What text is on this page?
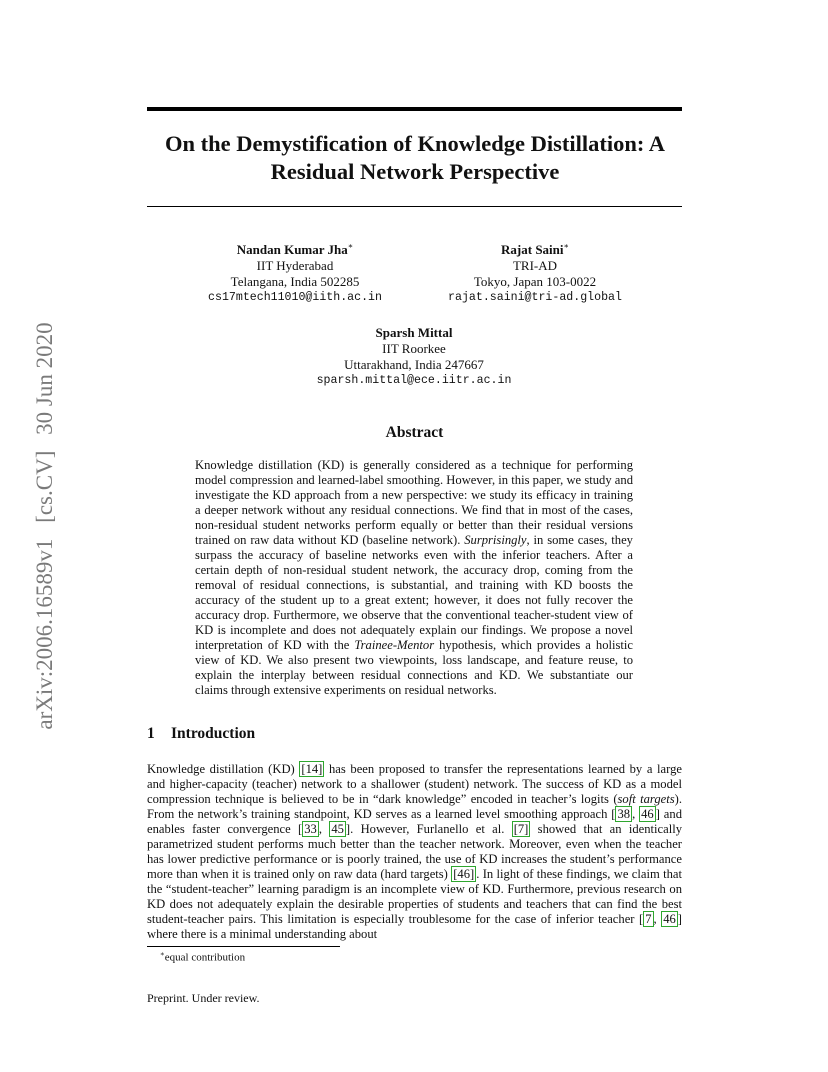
arXiv:2006.16589v1 [cs.CV] 30 Jun 2020
On the Demystification of Knowledge Distillation: A
Residual Network Perspective
Nandan Kumar Jha∗
IIT Hyderabad
Telangana, India 502285
cs17mtech11010@iith.ac.in
Rajat Saini∗
TRI-AD
Tokyo, Japan 103-0022
rajat.saini@tri-ad.global
Sparsh Mittal
IIT Roorkee
Uttarakhand, India 247667
sparsh.mittal@ece.iitr.ac.in
Abstract
Knowledge distillation (KD) is generally considered as a technique for performing model compression and learned-label smoothing. However, in this paper, we study and investigate the KD approach from a new perspective: we study its efficacy in training a deeper network without any residual connections. We find that in most of the cases, non-residual student networks perform equally or better than their residual versions trained on raw data without KD (baseline network). Surprisingly, in some cases, they surpass the accuracy of baseline networks even with the inferior teachers. After a certain depth of non-residual student network, the accuracy drop, coming from the removal of residual connections, is substantial, and training with KD boosts the accuracy of the student up to a great extent; however, it does not fully recover the accuracy drop. Furthermore, we observe that the conventional teacher-student view of KD is incomplete and does not adequately explain our findings. We propose a novel interpretation of KD with the Trainee-Mentor hypothesis, which provides a holistic view of KD. We also present two viewpoints, loss landscape, and feature reuse, to explain the interplay between residual connections and KD. We substantiate our claims through extensive experiments on residual networks.
1 Introduction
Knowledge distillation (KD) [14] has been proposed to transfer the representations learned by a large and higher-capacity (teacher) network to a shallower (student) network. The success of KD as a model compression technique is believed to be in “dark knowledge” encoded in teacher’s logits (soft targets). From the network’s training standpoint, KD serves as a learned level smoothing approach [ 38 , 46 ] and enables faster convergence [ 33 , 45 ]. However, Furlanello et al. [7] showed that an identically parametrized student performs much better than the teacher network. Moreover, even when the teacher has lower predictive performance or is poorly trained, the use of KD increases the student’s performance more than when it is trained only on raw data (hard targets) [46] . In light of these findings, we claim that the “student-teacher” learning paradigm is an incomplete view of KD. Furthermore, previous research on KD does not adequately explain the desirable properties of students and teachers that can find the best student-teacher pairs. This limitation is especially troublesome for the case of inferior teacher [ 7 , 46 ] where there is a minimal understanding about
∗equal contribution
Preprint. Under review.
